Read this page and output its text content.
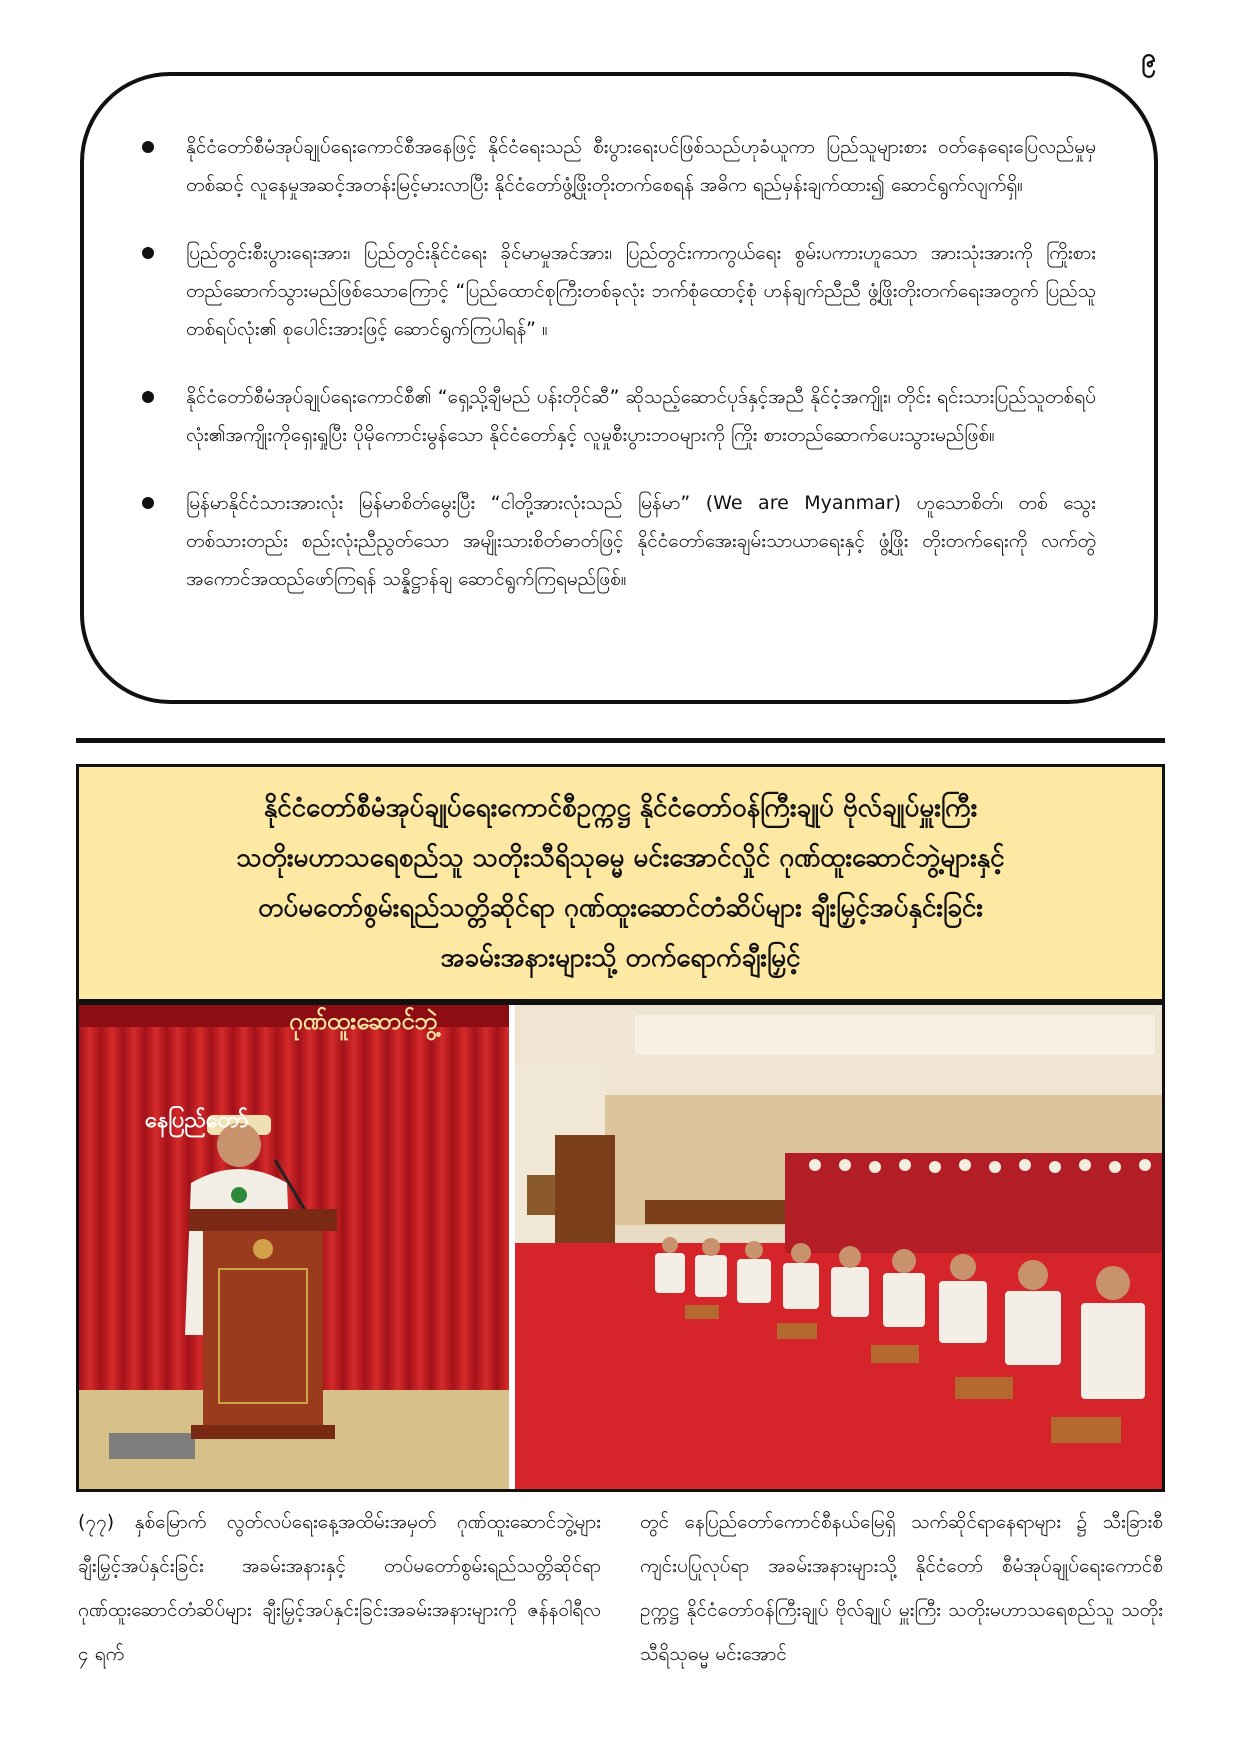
၉
နိုင်ငံတော်စီမံအုပ်ချုပ်ရေးကောင်စီအနေဖြင့် နိုင်ငံရေးသည် စီးပွားရေးပင်ဖြစ်သည်ဟုခံယူကာ ပြည်သူများစား ဝတ်နေရေးပြေလည်မှုမှတစ်ဆင့် လူနေမှုအဆင့်အတန်းမြင့်မားလာပြီး နိုင်ငံတော်ဖွံ့ဖြိုးတိုးတက်စေရန် အဓိက ရည်မှန်းချက်ထား၍ ဆောင်ရွက်လျက်ရှိ။
ပြည်တွင်းစီးပွားရေးအား၊ ပြည်တွင်းနိုင်ငံရေး ခိုင်မာမှုအင်အား၊ ပြည်တွင်းကာကွယ်ရေး စွမ်းပကားဟူသော အားသုံးအားကို ကြိုးစားတည်ဆောက်သွားမည်ဖြစ်သောကြောင့် “ပြည်ထောင်စုကြီးတစ်ခုလုံး ဘက်စုံထောင့်စုံ ဟန်ချက်ညီညီ ဖွံ့ဖြိုးတိုးတက်ရေးအတွက် ပြည်သူတစ်ရပ်လုံး၏ စုပေါင်းအားဖြင့် ဆောင်ရွက်ကြပါရန်” ။
နိုင်ငံတော်စီမံအုပ်ချုပ်ရေးကောင်စီ၏ “ရှေ့သို့ချီမည် ပန်းတိုင်ဆီ” ဆိုသည့်ဆောင်ပုဒ်နှင့်အညီ နိုင်ငံ့အကျိုး၊ တိုင်း ရင်းသားပြည်သူတစ်ရပ်လုံး၏အကျိုးကိုရှေးရှုပြီး ပိုမိုကောင်းမွန်သော နိုင်ငံတော်နှင့် လူမှုစီးပွားဘဝများကို ကြိုး စားတည်ဆောက်ပေးသွားမည်ဖြစ်။
မြန်မာနိုင်ငံသားအားလုံး မြန်မာစိတ်မွေးပြီး “ငါတို့အားလုံးသည် မြန်မာ” (We are Myanmar) ဟူသောစိတ်၊ တစ် သွေးတစ်သားတည်း စည်းလုံးညီညွတ်သော အမျိုးသားစိတ်ဓာတ်ဖြင့် နိုင်ငံတော်အေးချမ်းသာယာရေးနှင့် ဖွံ့ဖြိုး တိုးတက်ရေးကို လက်တွဲအကောင်အထည်ဖော်ကြရန် သန္နိဋ္ဌာန်ချ ဆောင်ရွက်ကြရမည်ဖြစ်။
နိုင်ငံတော်စီမံအုပ်ချုပ်ရေးကောင်စီဥက္ကဋ္ဌ နိုင်ငံတော်ဝန်ကြီးချုပ် ဗိုလ်ချုပ်မှူးကြီး
သတိုးမဟာသရေစည်သူ သတိုးသီရိသုဓမ္မ မင်းအောင်လှိုင် ဂုဏ်ထူးဆောင်ဘွဲ့များနှင့်
တပ်မတော်စွမ်းရည်သတ္တိဆိုင်ရာ ဂုဏ်ထူးဆောင်တံဆိပ်များ ချီးမြှင့်အပ်နှင်းခြင်း
အခမ်းအနားများသို့ တက်ရောက်ချီးမြှင့်
ဂုဏ်ထူးဆောင်ဘွဲ့
နေပြည်တော်
(၇၇) နှစ်မြောက် လွတ်လပ်ရေးနေ့အထိမ်းအမှတ် ဂုဏ်ထူးဆောင်ဘွဲ့များ ချီးမြှင့်အပ်နှင်းခြင်း အခမ်းအနားနှင့် တပ်မတော်စွမ်းရည်သတ္တိဆိုင်ရာ ဂုဏ်ထူးဆောင်တံဆိပ်များ ချီးမြှင့်အပ်နှင်းခြင်းအခမ်းအနားများကို ဇန်နဝါရီလ ၄ ရက်
တွင် နေပြည်တော်ကောင်စီနယ်မြေရှိ သက်ဆိုင်ရာနေရာများ ၌ သီးခြားစီကျင်းပပြုလုပ်ရာ အခမ်းအနားများသို့ နိုင်ငံတော် စီမံအုပ်ချုပ်ရေးကောင်စီဥက္ကဋ္ဌ နိုင်ငံတော်ဝန်ကြီးချုပ် ဗိုလ်ချုပ် မှူးကြီး သတိုးမဟာသရေစည်သူ သတိုးသီရိသုဓမ္မ မင်းအောင်
